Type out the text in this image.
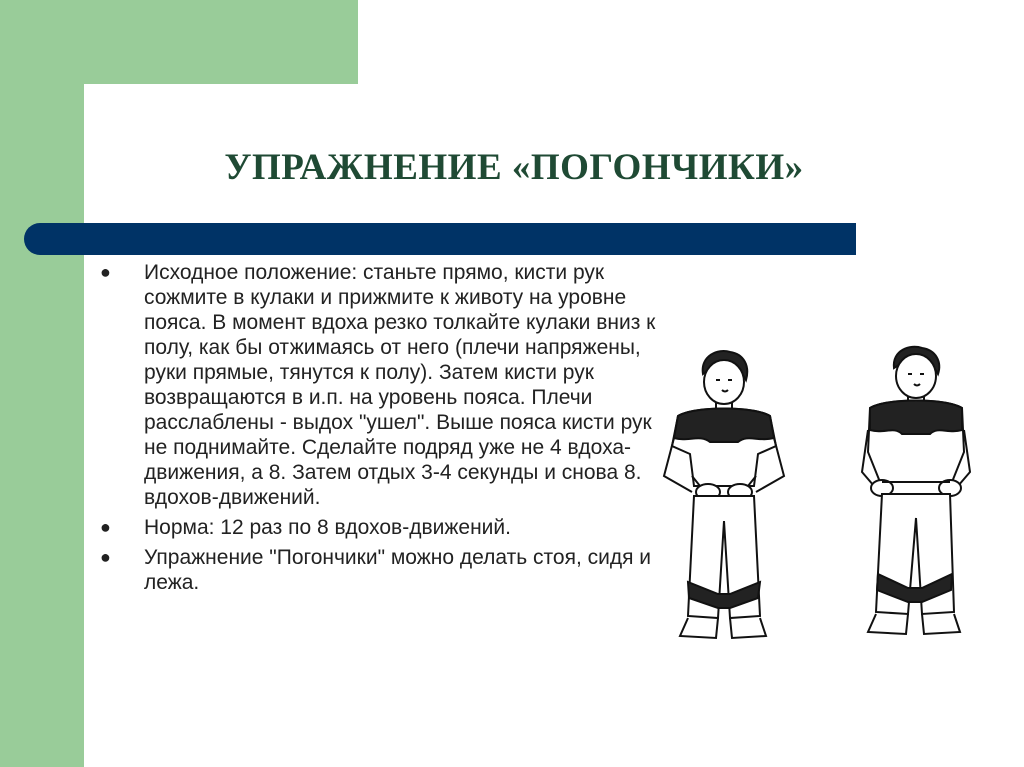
УПРАЖНЕНИЕ «ПОГОНЧИКИ»
●	Исходное положение: станьте прямо, кисти рук сожмите в кулаки и прижмите к животу на уровне пояса. В момент вдоха резко толкайте кулаки вниз к полу, как бы отжимаясь от него (плечи напряжены, руки прямые, тянутся к полу). Затем кисти рук возвращаются в и.п. на уровень пояса. Плечи расслаблены - выдох "ушел". Выше пояса кисти рук не поднимайте. Сделайте подряд уже не 4 вдоха-движения, а 8. Затем отдых 3-4 секунды и снова 8. вдохов-движений.
●	Норма: 12 раз по 8 вдохов-движений.
●	Упражнение "Погончики" можно делать стоя, сидя и лежа.
